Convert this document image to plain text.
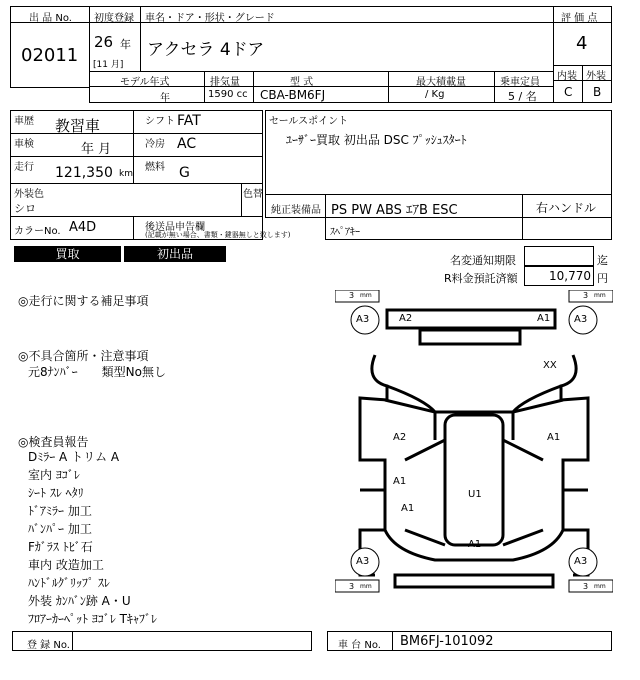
出 品 No.
02011
初度登録
26 年
[11 月]
車名・ドア・形状・グレード
アクセラ 4ドア
評 価 点
4
内装 外装
C B
モデル年式	排気量	型 式	最大積載量	乗車定員
年	1590 cc CBA-BM6FJ	/ Kg	5 / 名
車歴 教習車
車検	年 月
走行 121,350 km
シフト FAT
冷房 AC
燃料 G
外装色
シロ
色替
カラーNo. A4D	後送品申告欄
(記載が無い場合、書類・鍵器無しと致します)
セールスポイント
ﾕｰｻﾞｰ買取 初出品 DSC ﾌﾟｯｼｭｽﾀｰﾄ
純正装備品 PS PW ABS ｴｱB ESC	右ハンドル
ｽﾍﾟｱｷｰ
買取	初出品	名変通知期限	迄
R料金預託済額	10,770 円
◎走行に関する補足事項
◎不具合箇所・注意事項
元8ﾅﾝﾊﾞｰ　　類型No無し
◎検査員報告
Dﾐﾗｰ A トリム A
室内 ﾖｺﾞﾚ
ｼｰﾄ ｽﾚ ﾍﾀﾘ
ﾄﾞｱﾐﾗｰ 加工
ﾊﾞﾝﾊﾟｰ 加工
Fｶﾞﾗｽ ﾄﾋﾞ石
車内 改造加工
ﾊﾝﾄﾞﾙｸﾞﾘｯﾌﾟ ｽﾚ
外装 ｶﾝﾊﾞﾝ跡 A・U
ﾌﾛｱｰｶｰﾍﾟｯﾄ ﾖｺﾞﾚ Tｷｬﾌﾞﾚ
3 mm	3 mm
3 mm	3 mm
A3	A3
A3	A3
A2	A1
XX
A2	A1
A1
A1
U1
A1
登 録 No.	車 台 No. BM6FJ-101092
